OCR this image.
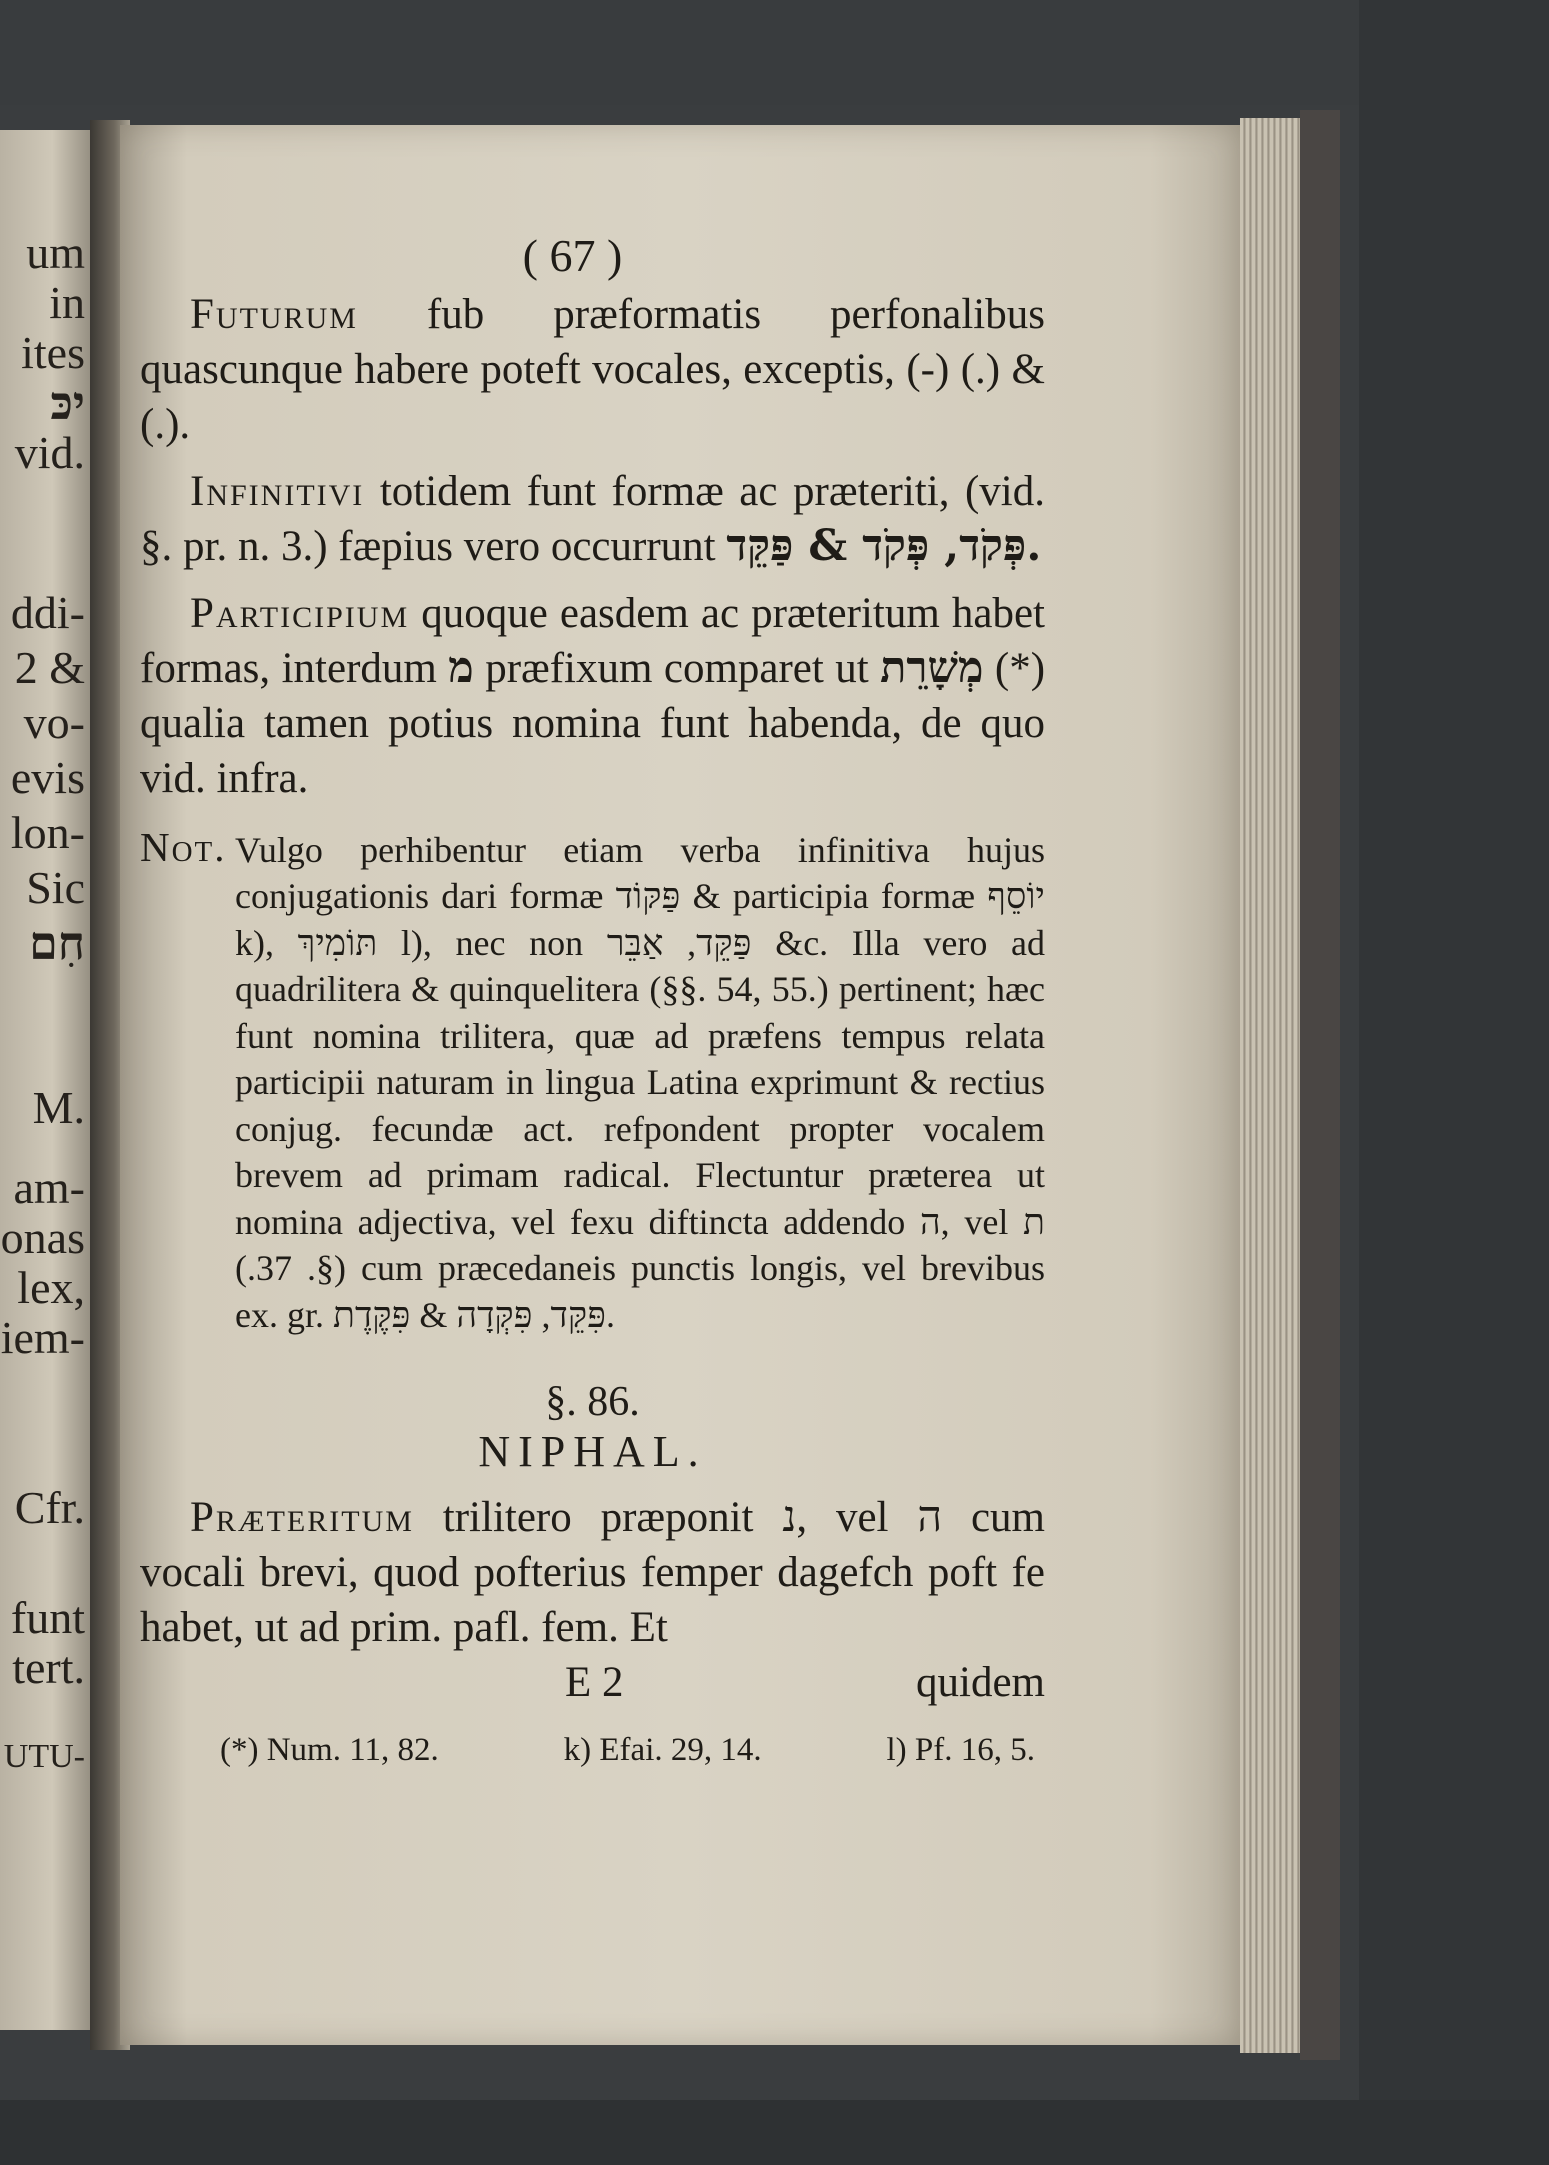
um
in
ites
יכּ
vid.
ddi-
2 &
vo-
evis
lon-
Sic
חִם
M.
am-
onas
lex,
iem-
Cfr.
funt
tert.
UTU-
( 67 )

Futurum fub præformatis perfonalibus quascunque habere poteft vocales, exceptis, (-) (.) & (.).

Infinitivi totidem funt formæ ac præteriti, (vid. §. pr. n. 3.) fæpius vero occurrunt פְּקֹד, פְּקֹד & פַּקֵּד.

Participium quoque easdem ac præteritum habet formas, interdum מ præfixum comparet ut מְשָׁרֵת (*) qualia tamen potius nomina funt habenda, de quo vid. infra.

Not. Vulgo perhibentur etiam verba infinitiva hujus conjugationis dari formæ פַּקּוֹד & participia formæ יוֹסֵף k), תּוֹמִיךְ l), nec non פַּקֵּד, אַבֵּר &c. Illa vero ad quadrilitera & quinquelitera (§§. 54, 55.) pertinent; hæc funt nomina trilitera, quæ ad præfens tempus relata participii naturam in lingua Latina exprimunt & rectius conjug. fecundæ act. refpondent propter vocalem brevem ad primam radical. Flectuntur præterea ut nomina adjectiva, vel fexu diftincta addendo ה, vel ת (§. 37.) cum præcedaneis punctis longis, vel brevibus ex. gr. פִּקֵּד, פִּקְּדָה & פִּקֶּדֶת.
§. 86.
NIPHAL.

Præteritum trilitero præponit נ, vel ה cum vocali brevi, quod pofterius femper dagefch poft fe habet, ut ad prim. pafl. fem. Et

E 2	quidem
(*) Num. 11, 82.	k) Efai. 29, 14.	l) Pf. 16, 5.
